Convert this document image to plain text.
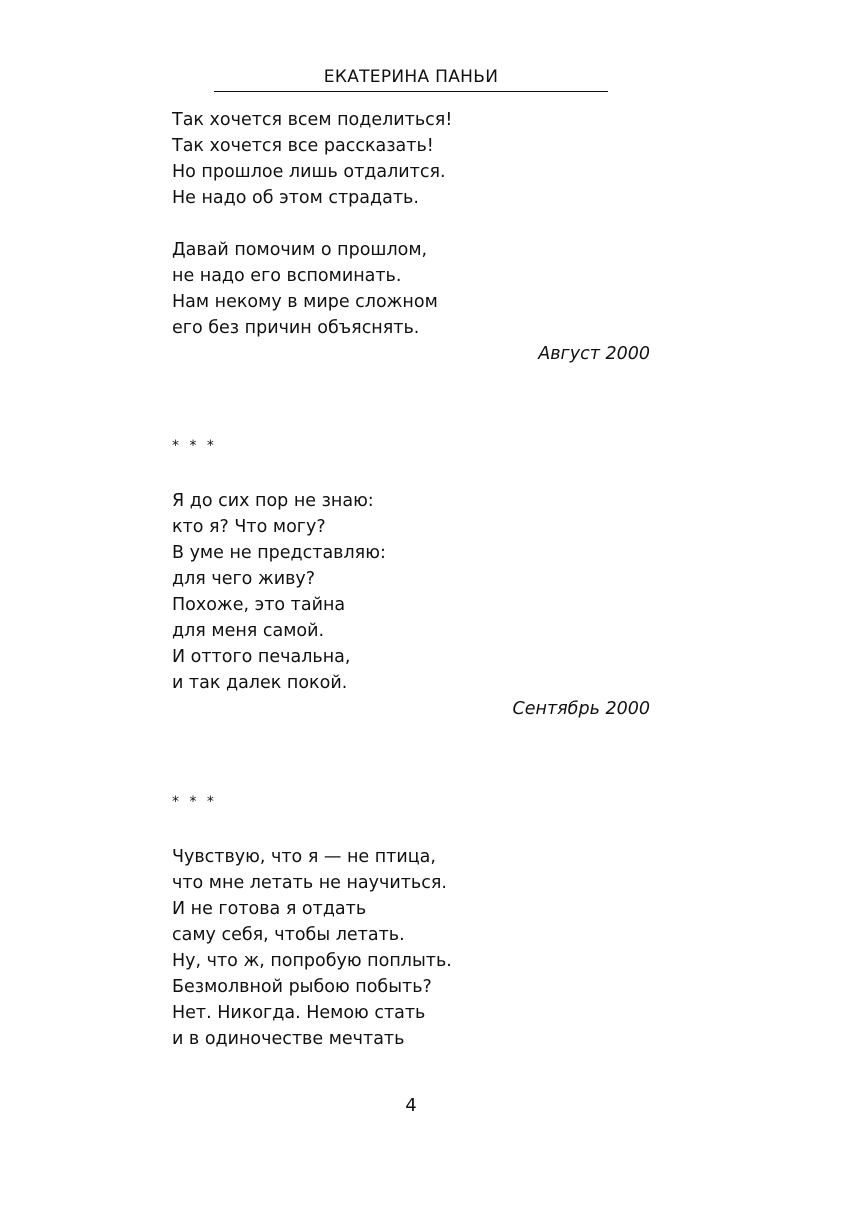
ЕКАТЕРИНА ПАНЬИ
Так хочется всем поделиться!
Так хочется все рассказать!
Но прошлое лишь отдалится.
Не надо об этом страдать.
Давай помочим о прошлом,
не надо его вспоминать.
Нам некому в мире сложном
его без причин объяснять.
Август 2000
* * *
Я до сих пор не знаю:
кто я? Что могу?
В уме не представляю:
для чего живу?
Похоже, это тайна
для меня самой.
И оттого печальна,
и так далек покой.
Сентябрь 2000
* * *
Чувствую, что я — не птица,
что мне летать не научиться.
И не готова я отдать
саму себя, чтобы летать.
Ну, что ж, попробую поплыть.
Безмолвной рыбою побыть?
Нет. Никогда. Немою стать
и в одиночестве мечтать
4
